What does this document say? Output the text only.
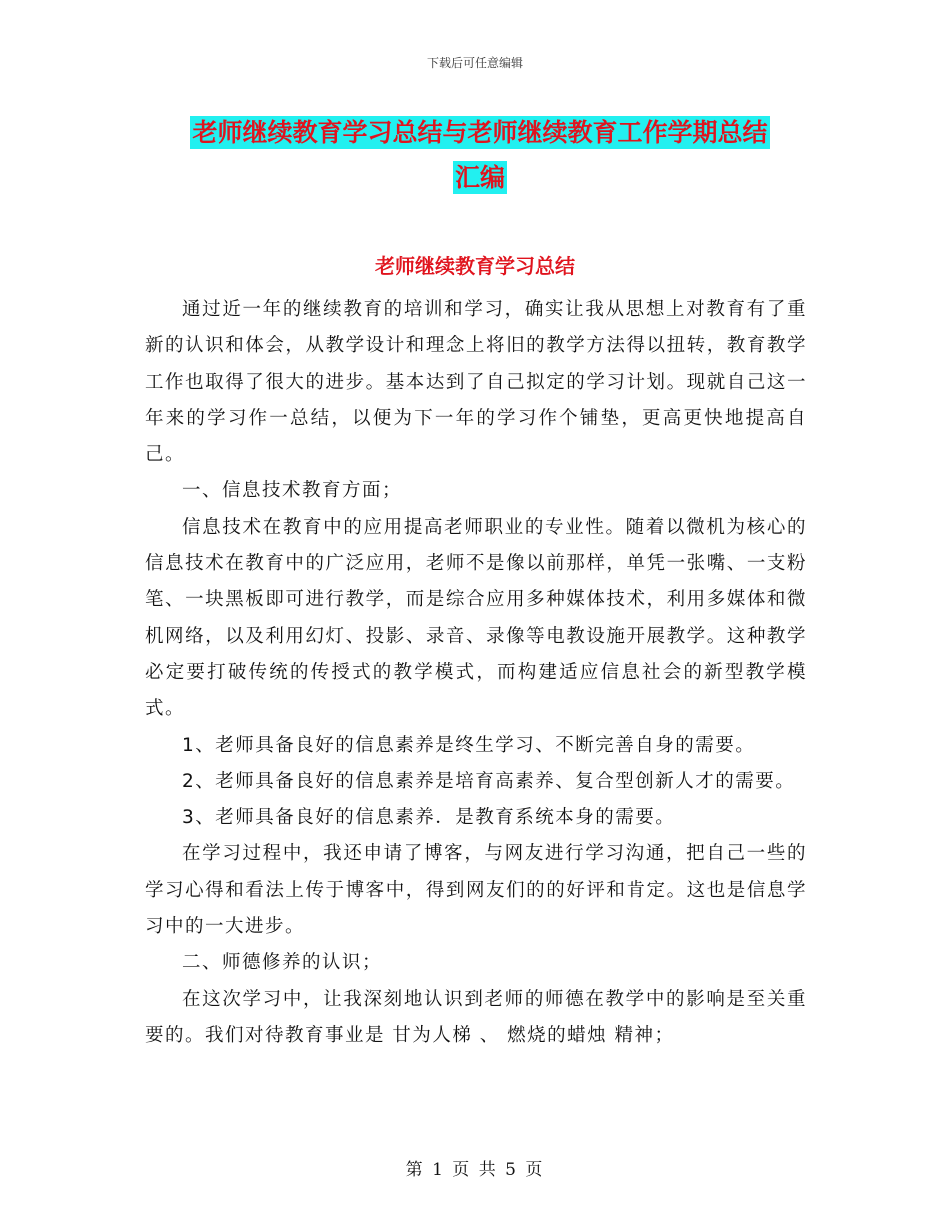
下载后可任意编辑
老师继续教育学习总结与老师继续教育工作学期总结
汇编
老师继续教育学习总结

通过近一年的继续教育的培训和学习，确实让我从思想上对教育有了重新的认识和体会，从教学设计和理念上将旧的教学方法得以扭转，教育教学工作也取得了很大的进步。基本达到了自己拟定的学习计划。现就自己这一年来的学习作一总结，以便为下一年的学习作个铺垫，更高更快地提高自己。

一、信息技术教育方面；

信息技术在教育中的应用提高老师职业的专业性。随着以微机为核心的信息技术在教育中的广泛应用，老师不是像以前那样，单凭一张嘴、一支粉笔、一块黑板即可进行教学，而是综合应用多种媒体技术，利用多媒体和微机网络，以及利用幻灯、投影、录音、录像等电教设施开展教学。这种教学必定要打破传统的传授式的教学模式，而构建适应信息社会的新型教学模式。

1、老师具备良好的信息素养是终生学习、不断完善自身的需要。

2、老师具备良好的信息素养是培育高素养、复合型创新人才的需要。

3、老师具备良好的信息素养．是教育系统本身的需要。

在学习过程中，我还申请了博客，与网友进行学习沟通，把自己一些的学习心得和看法上传于博客中，得到网友们的的好评和肯定。这也是信息学习中的一大进步。

二、师德修养的认识；

在这次学习中，让我深刻地认识到老师的师德在教学中的影响是至关重要的。我们对待教育事业是 甘为人梯 、 燃烧的蜡烛 精神；

第 1 页 共 5 页
